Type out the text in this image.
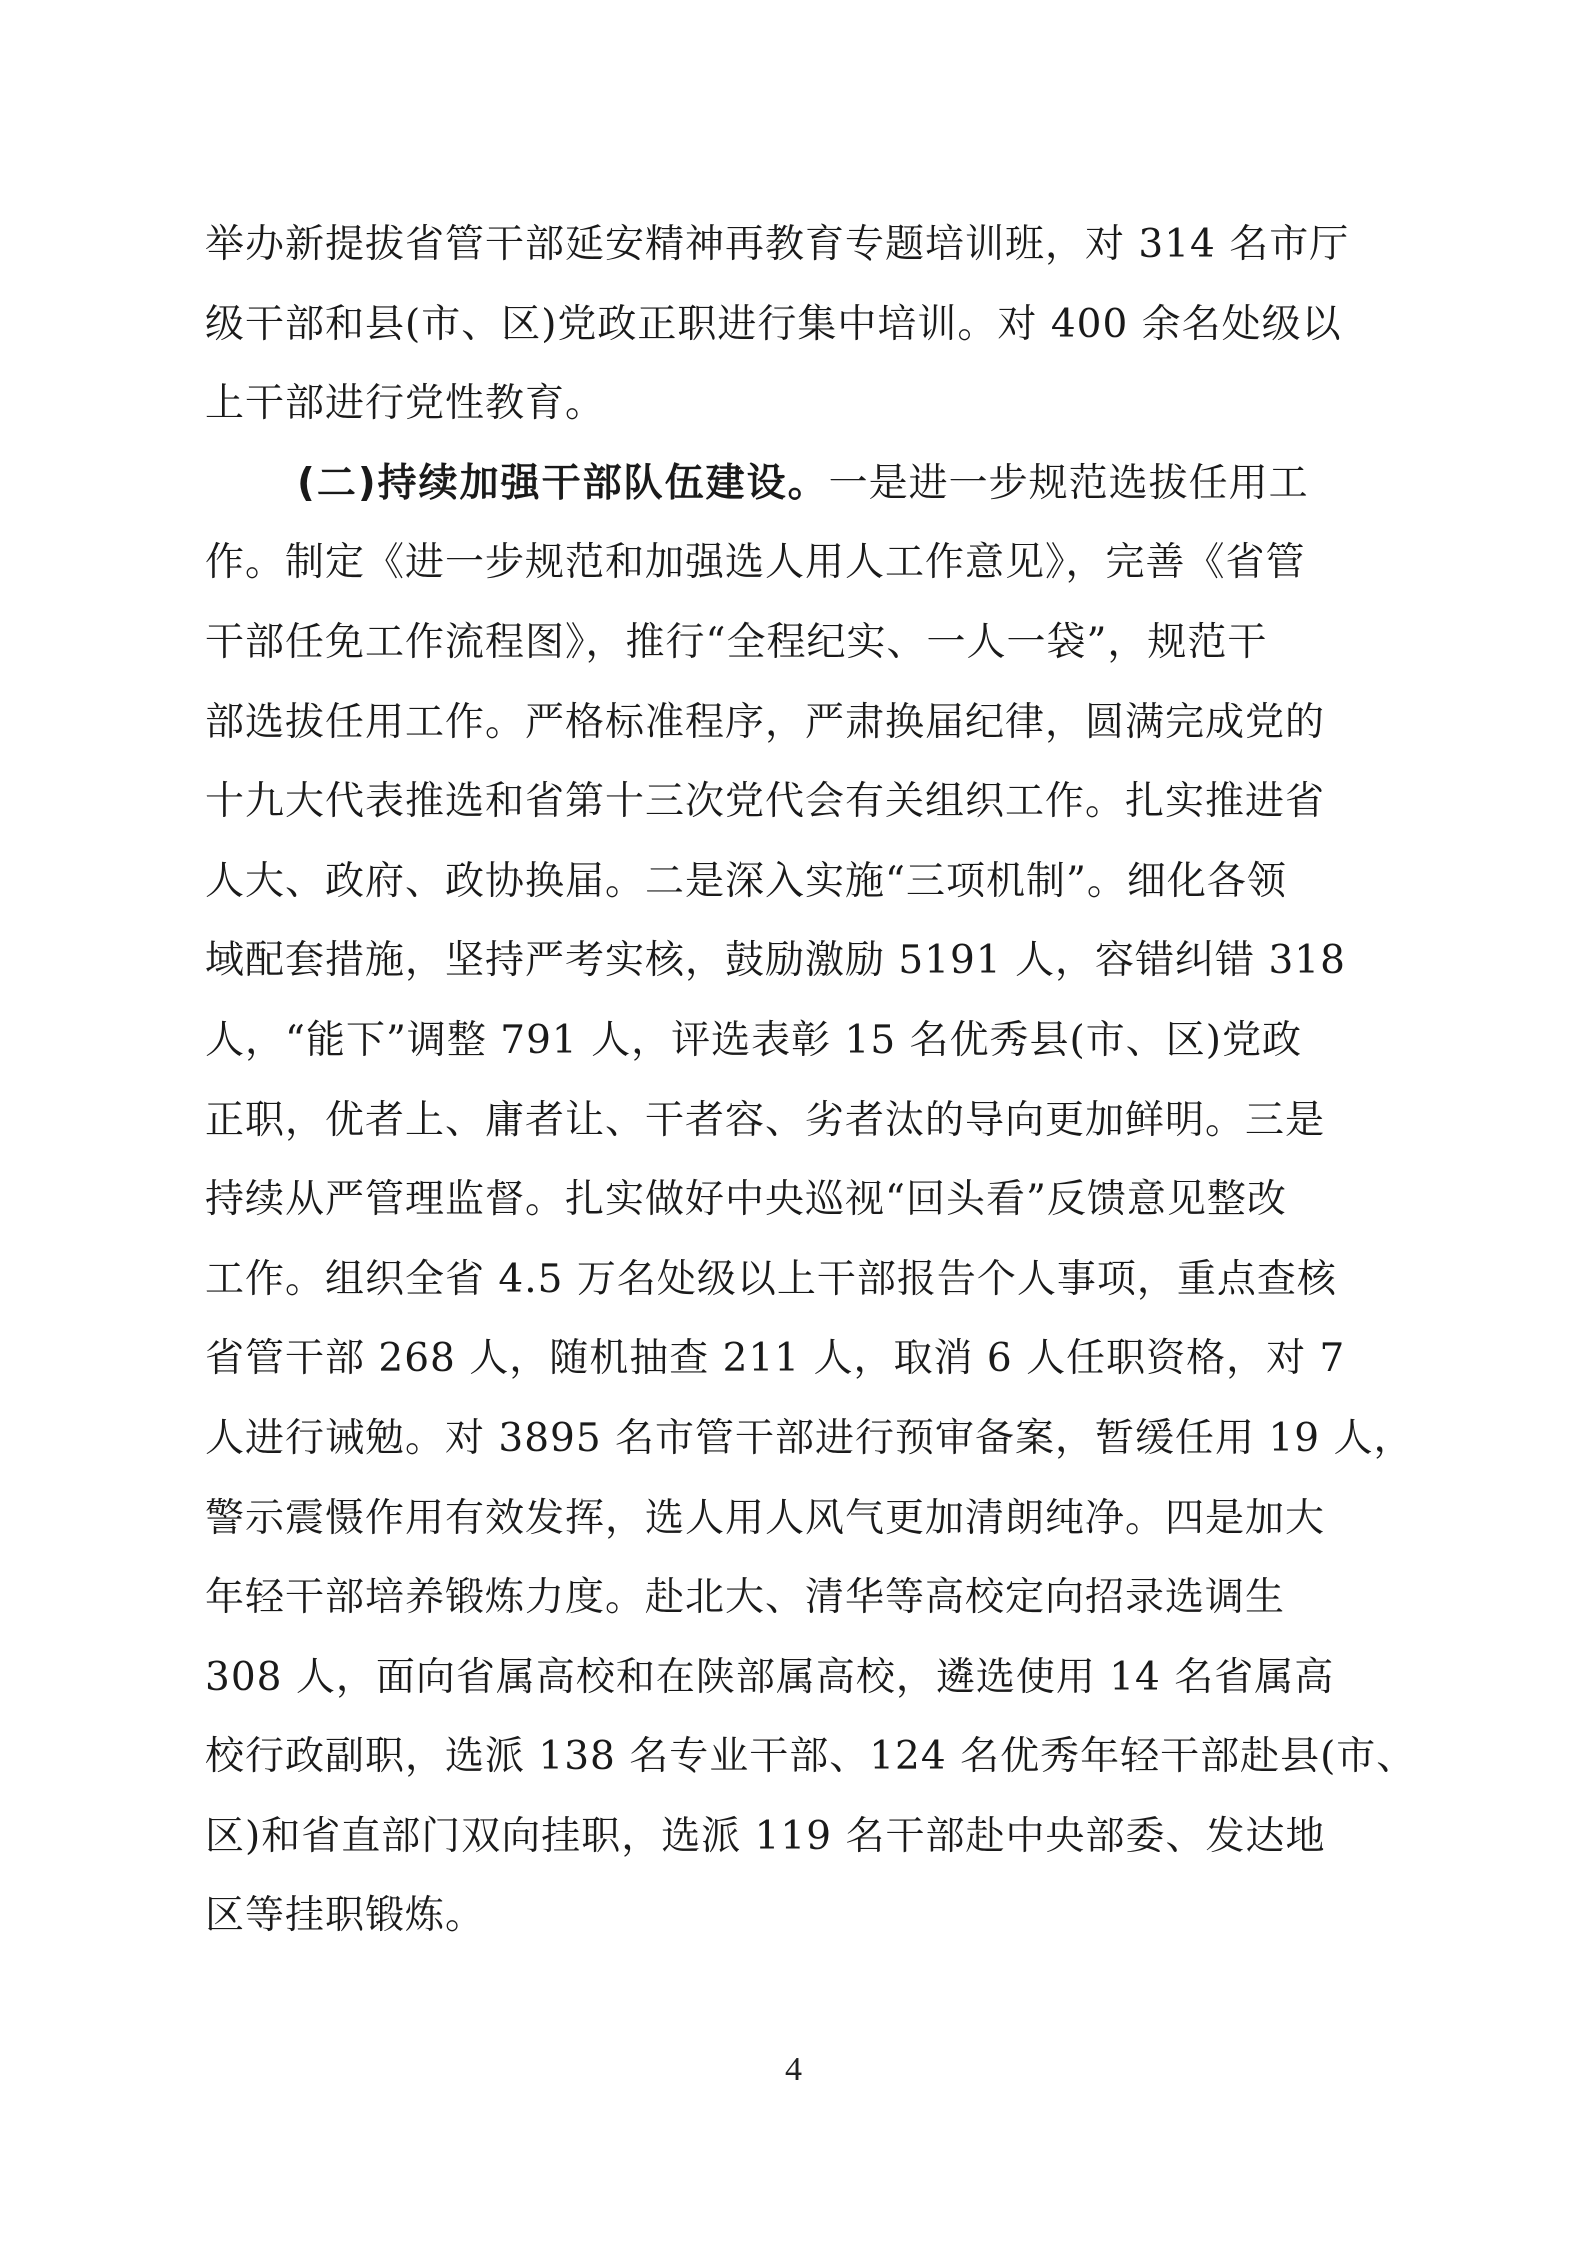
举办新提拔省管干部延安精神再教育专题培训班，对 314 名市厅
级干部和县(市、区)党政正职进行集中培训。对 400 余名处级以
上干部进行党性教育。
(二)持续加强干部队伍建设。一是进一步规范选拔任用工
作。制定《进一步规范和加强选人用人工作意见》，完善《省管
干部任免工作流程图》，推行“全程纪实、一人一袋”，规范干
部选拔任用工作。严格标准程序，严肃换届纪律，圆满完成党的
十九大代表推选和省第十三次党代会有关组织工作。扎实推进省
人大、政府、政协换届。二是深入实施“三项机制”。细化各领
域配套措施，坚持严考实核，鼓励激励 5191 人，容错纠错 318
人，“能下”调整 791 人，评选表彰 15 名优秀县(市、区)党政
正职，优者上、庸者让、干者容、劣者汰的导向更加鲜明。三是
持续从严管理监督。扎实做好中央巡视“回头看”反馈意见整改
工作。组织全省 4.5 万名处级以上干部报告个人事项，重点查核
省管干部 268 人，随机抽查 211 人，取消 6 人任职资格，对 7
人进行诫勉。对 3895 名市管干部进行预审备案，暂缓任用 19 人，
警示震慑作用有效发挥，选人用人风气更加清朗纯净。四是加大
年轻干部培养锻炼力度。赴北大、清华等高校定向招录选调生
308 人，面向省属高校和在陕部属高校，遴选使用 14 名省属高
校行政副职，选派 138 名专业干部、124 名优秀年轻干部赴县(市、
区)和省直部门双向挂职，选派 119 名干部赴中央部委、发达地
区等挂职锻炼。
4
